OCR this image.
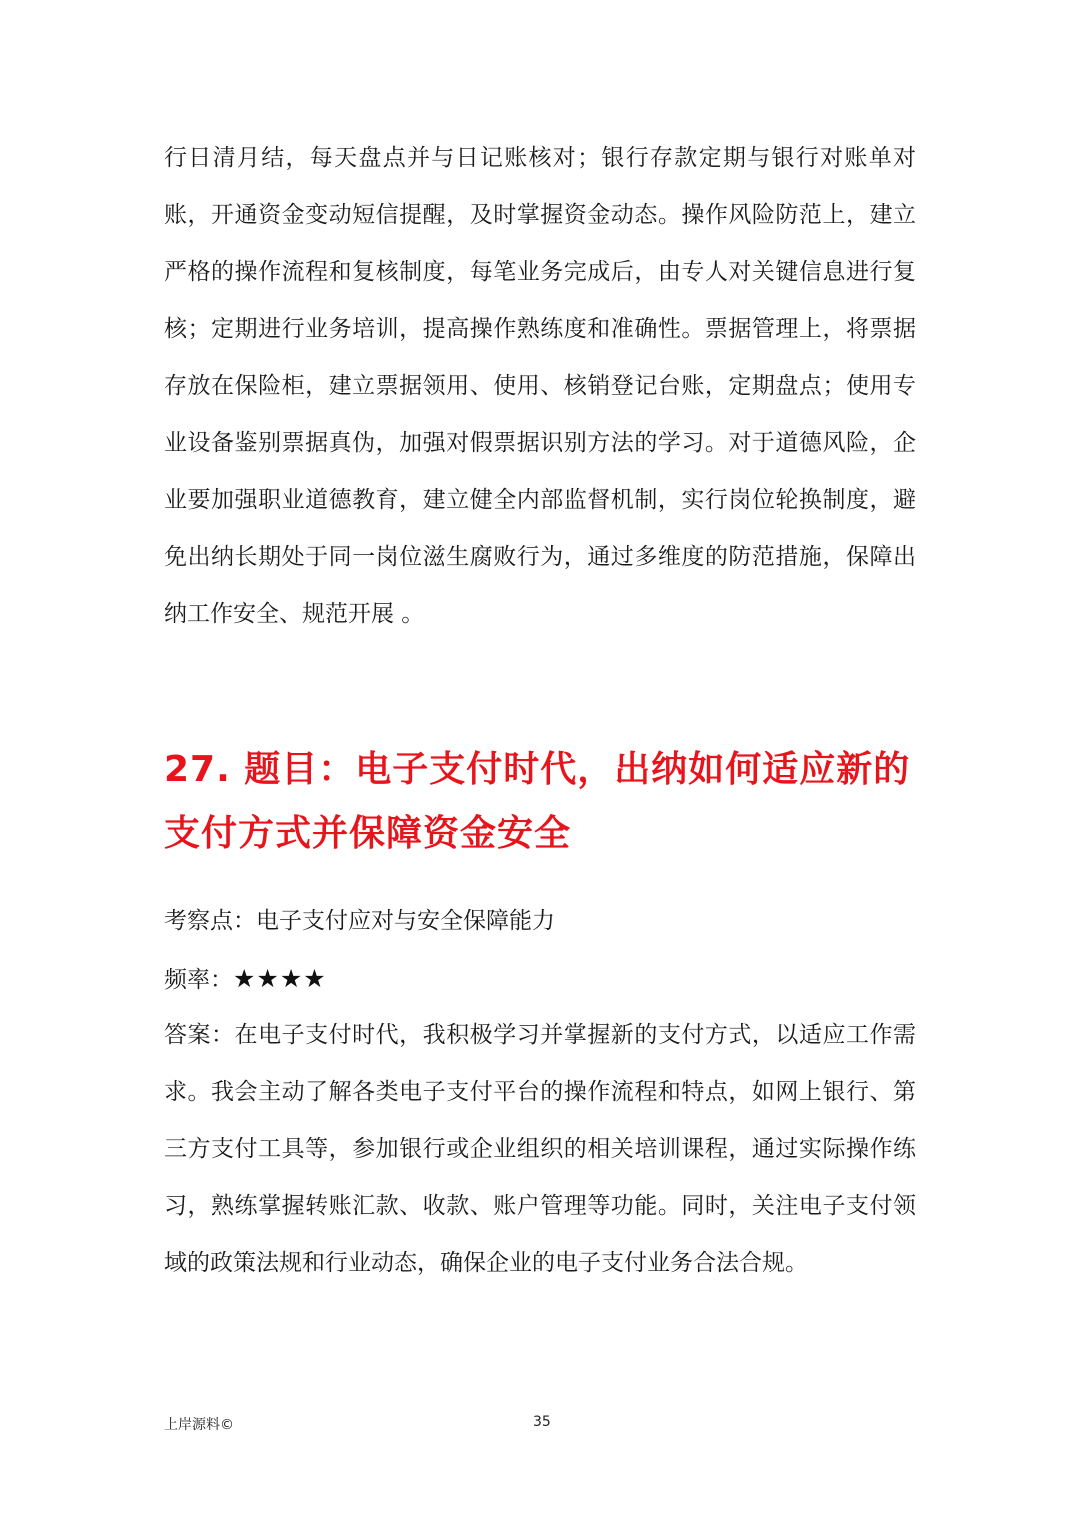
行日清月结，每天盘点并与日记账核对；银行存款定期与银行对账单对账，开通资金变动短信提醒，及时掌握资金动态。操作风险防范上，建立严格的操作流程和复核制度，每笔业务完成后，由专人对关键信息进行复核；定期进行业务培训，提高操作熟练度和准确性。票据管理上，将票据存放在保险柜，建立票据领用、使用、核销登记台账，定期盘点；使用专业设备鉴别票据真伪，加强对假票据识别方法的学习。对于道德风险，企业要加强职业道德教育，建立健全内部监督机制，实行岗位轮换制度，避免出纳长期处于同一岗位滋生腐败行为，通过多维度的防范措施，保障出纳工作安全、规范开展 。

27. 题目：电子支付时代，出纳如何适应新的支付方式并保障资金安全

考察点：电子支付应对与安全保障能力

频率：★★★★

答案：在电子支付时代，我积极学习并掌握新的支付方式，以适应工作需求。我会主动了解各类电子支付平台的操作流程和特点，如网上银行、第三方支付工具等，参加银行或企业组织的相关培训课程，通过实际操作练习，熟练掌握转账汇款、收款、账户管理等功能。同时，关注电子支付领域的政策法规和行业动态，确保企业的电子支付业务合法合规。

上岸源料©	35
